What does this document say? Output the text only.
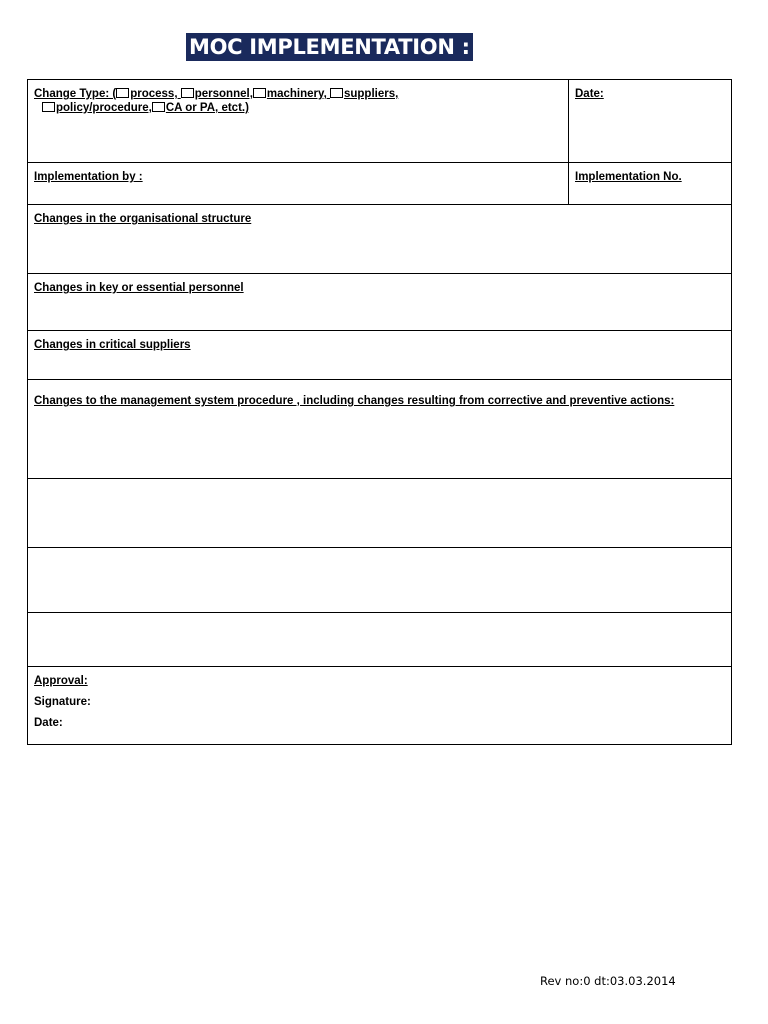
MOC IMPLEMENTATION :
Change Type: ( process, personnel, machinery, suppliers,
policy/procedure, CA or PA, etct.)	Date:
Implementation by :	Implementation No.
Changes in the organisational structure	
Changes in key or essential personnel	
Changes in critical suppliers	
Changes to the management system procedure , including changes resulting from corrective and preventive actions:	

Approval:
Signature:
Date:	
Rev no:0 dt:03.03.2014
